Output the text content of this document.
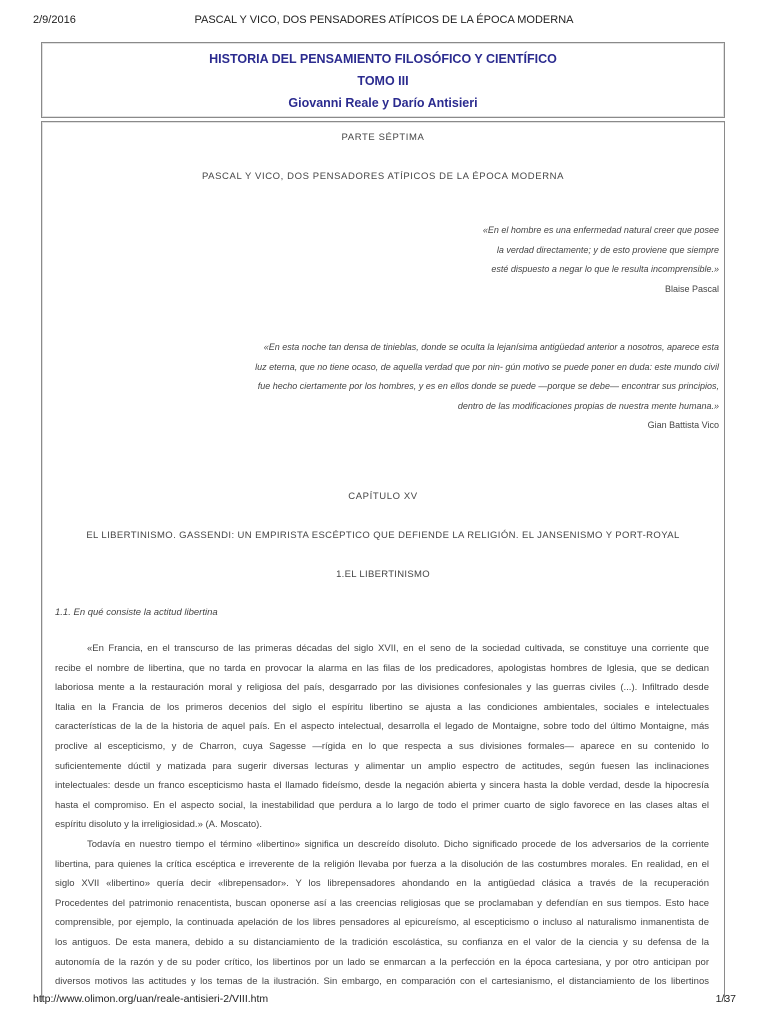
2/9/2016	PASCAL Y VICO, DOS PENSADORES ATÍPICOS DE LA ÉPOCA MODERNA
HISTORIA DEL PENSAMIENTO FILOSÓFICO Y CIENTÍFICO
TOMO III
Giovanni Reale y Darío Antisieri
PARTE SÉPTIMA
PASCAL Y VICO, DOS PENSADORES ATÍPICOS DE LA ÉPOCA MODERNA
«En el hombre es una enfermedad natural creer que posee
la verdad directamente; y de esto proviene que siempre
esté dispuesto a negar lo que le resulta incomprensible.»
Blaise Pascal
«En esta noche tan densa de tinieblas, donde se oculta la lejanísima antigüedad anterior a nosotros, aparece esta
luz eterna, que no tiene ocaso, de aquella verdad que por nin- gún motivo se puede poner en duda: este mundo civil
fue hecho ciertamente por los hombres, y es en ellos donde se puede —porque se debe— encontrar sus principios,
dentro de las modificaciones propias de nuestra mente humana.»
Gian Battista Vico
CAPÍTULO XV
EL LIBERTINISMO. GASSENDI: UN EMPIRISTA ESCÉPTICO QUE DEFIENDE LA RELIGIÓN. EL JANSENISMO Y PORT-ROYAL
1.EL LIBERTINISMO
1.1. En qué consiste la actitud libertina
«En Francia, en el transcurso de las primeras décadas del siglo XVII, en el seno de la sociedad cultivada, se constituye una corriente que
recibe el nombre de libertina, que no tarda en provocar la alarma en las filas de los predicadores, apologistas hombres de Iglesia, que se dedican
laboriosa mente a la restauración moral y religiosa del país, desgarrado por las divisiones confesionales y las guerras civiles (...). Infiltrado desde
Italia en la Francia de los primeros decenios del siglo el espíritu libertino se ajusta a las condiciones ambientales, sociales e intelectuales
características de la de la historia de aquel país. En el aspecto intelectual, desarrolla el legado de Montaigne, sobre todo del último Montaigne, más
proclive al escepticismo, y de Charron, cuya Sagesse —rígida en lo que respecta a sus divisiones formales— aparece en su contenido lo
suficientemente dúctil y matizada para sugerir diversas lecturas y alimentar un amplio espectro de actitudes, según fuesen las inclinaciones
intelectuales: desde un franco escepticismo hasta el llamado fideísmo, desde la negación abierta y sincera hasta la doble verdad, desde la hipocresía
hasta el compromiso. En el aspecto social, la inestabilidad que perdura a lo largo de todo el primer cuarto de siglo favorece en las clases altas el
espíritu disoluto y la irreligiosidad.» (A. Moscato).
Todavía en nuestro tiempo el término «libertino» significa un descreído disoluto. Dicho significado procede de los adversarios de la corriente
libertina, para quienes la crítica escéptica e irreverente de la religión llevaba por fuerza a la disolución de las costumbres morales. En realidad, en el
siglo XVII «libertino» quería decir «librepensador». Y los librepensadores ahondando en la antigüedad clásica a través de la recuperación
Procedentes del patrimonio renacentista, buscan oponerse así a las creencias religiosas que se proclamaban y defendían en sus tiempos. Esto hace
comprensible, por ejemplo, la continuada apelación de los libres pensadores al epicureísmo, al escepticismo o incluso al naturalismo inmanentista de
los antiguos. De esta manera, debido a su distanciamiento de la tradición escolástica, su confianza en el valor de la ciencia y su defensa de la
autonomía de la razón y de su poder crítico, los libertinos por un lado se enmarcan a la perfección en la época cartesiana, y por otro anticipan por
diversos motivos las actitudes y los temas de la ilustración. Sin embargo, en comparación con el cartesianismo, el distanciamiento de los libertinos
http://www.olimon.org/uan/reale-antisieri-2/VIII.htm	1/37
